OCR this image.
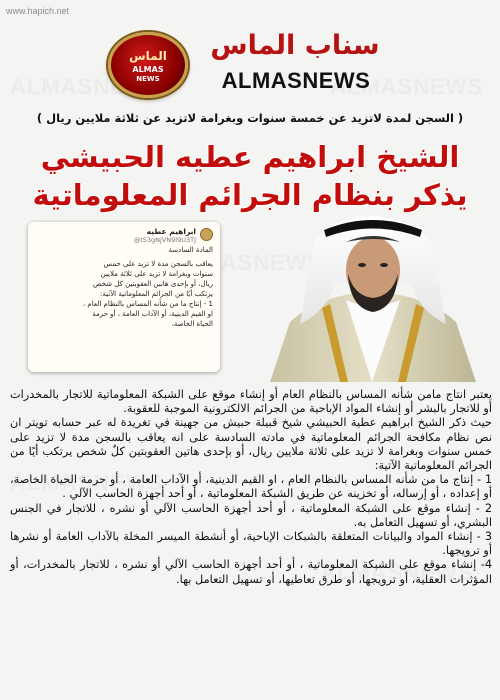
www.hapich.net
الماس
ALMAS
NEWS
سناب الماس
ALMASNEWS
( السجن لمدة لاتزيد عن خمسة سنوات وبغرامة لاتزيد عن ثلاثة ملايين ريال )
الشيخ ابراهيم عطيه الحبيشي
يذكر بنظام الجرائم المعلوماتية
ابراهيم عطيه
@tS3gNjVN9l9U3TJ

المادة السادسة

يعاقب بالسجن مدة لا تزيد على خمس

سنوات وبغرامة لا تزيد على ثلاثة ملايين

ريال، أو بإحدى هاتين العقوبتين كل شخص

يرتكب أيًا من الجرائم المعلوماتية الآتية:

1 - إنتاج ما من شأنه المساس بالنظام العام ،

او القيم الدينية، أو الآداب العامة ، أو حرمة

الحياة الخاصة،

يعتبر انتاج مامن شأنه المساس بالنظام العام أو إنشاء موقع على الشبكة المعلوماتية للاتجار بالمخدرات أو للاتجار بالبشر أو إنشاء المواد الإباحية من الجرائم الالكترونية الموجبة للعقوبة.

حيث ذكر الشيخ ابراهيم عطية الحبيشي شيخ قبيلة حبيش من جهينة في تغريدة له عبر حسابه تويتر ان نص نظام مكافحة الجرائم المعلوماتية في مادته السادسة على انه يعاقب بالسجن مدة لا تزيد على خمس سنوات وبغرامة لا تزيد على ثلاثة ملايين ريال، أو بإحدى هاتين العقوبتين كلٌ شخص يرتكب أيًا من الجرائم المعلوماتية الآتية:

1 - إنتاج ما من شأنه المساس بالنظام العام ، او القيم الدينية، أو الآداب العامة ، أو حرمة الحياة الخاصة، أو إعداده ، أو إرساله، أو تخزينه عن طريق الشبكة المعلوماتية ، أو أحد أجهزة الحاسب الآلي .

2 - إنشاء موقع على الشبكة المعلوماتية ، أو أحد أجهزة الحاسب الآلي أو نشره ، للاتجار في الجنس البشري، أو تسهيل التعامل به.

3 - إنشاء المواد والبيانات المتعلقة بالشبكات الإباحية، أو أنشطة الميسر المخلة بالآداب العامة أو نشرها أو ترويجها.

4- إنشاء موقع على الشبكة المعلوماتية ، أو أحد أجهزة الحاسب الآلي أو نشره ، للاتجار بالمخدرات، أو المؤثرات العقلية، أو ترويجها، أو طرق تعاطيها، أو تسهيل التعامل بها.
